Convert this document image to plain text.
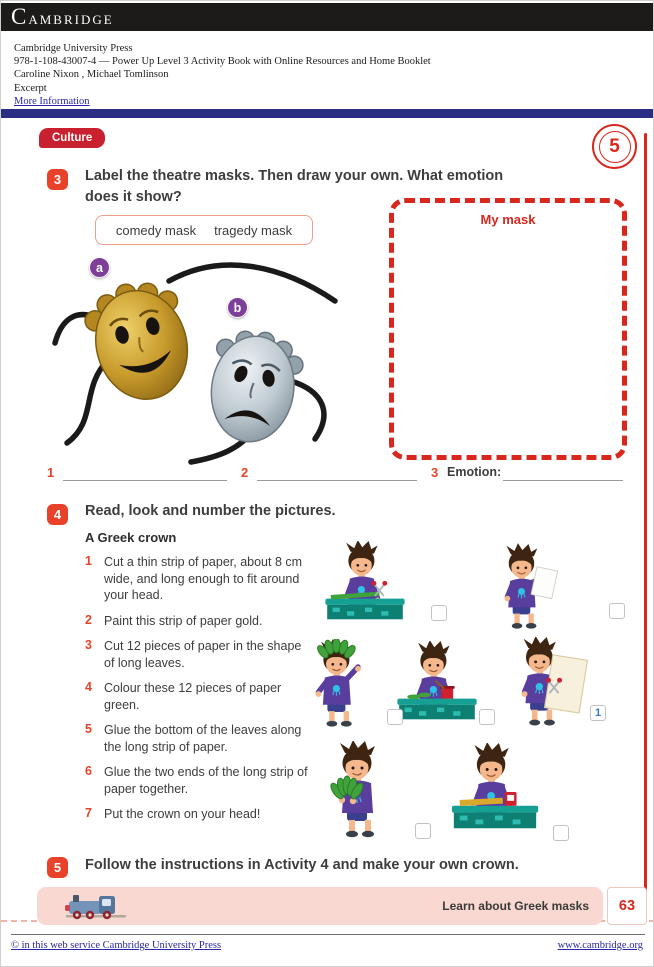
Cambridge
Cambridge University Press
978-1-108-43007-4 — Power Up Level 3 Activity Book with Online Resources and Home Booklet
Caroline Nixon , Michael Tomlinson
Excerpt
More Information
Culture	5
3	Label the theatre masks. Then draw your own. What emotion
does it show?
comedy mask tragedy mask
a
b
My mask
1	2	3 Emotion:
4	Read, look and number the pictures.
A Greek crown
1 Cut a thin strip of paper, about 8 cm wide, and long enough to fit around your head.
2 Paint this strip of paper gold.
3 Cut 12 pieces of paper in the shape of long leaves.
4 Colour these 12 pieces of paper green.
5 Glue the bottom of the leaves along the long strip of paper.
6 Glue the two ends of the long strip of paper together.
7 Put the crown on your head!
1
5	Follow the instructions in Activity 4 and make your own crown.
Learn about Greek masks	63
© in this web service Cambridge University Press	www.cambridge.org
